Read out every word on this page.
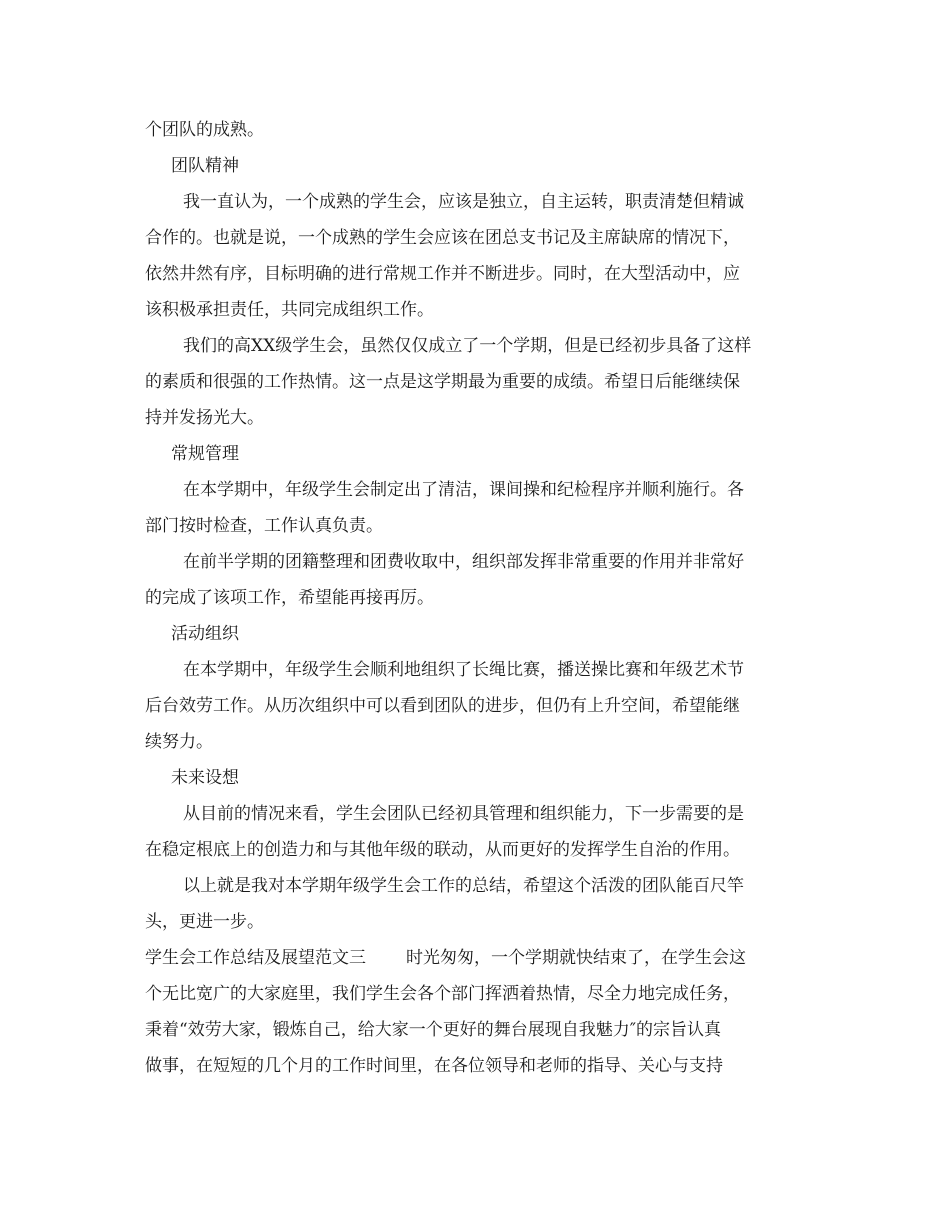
个团队的成熟。

团队精神

我一直认为，一个成熟的学生会，应该是独立，自主运转，职责清楚但精诚

合作的。也就是说，一个成熟的学生会应该在团总支书记及主席缺席的情况下，

依然井然有序，目标明确的进行常规工作并不断进步。同时，在大型活动中，应

该积极承担责任，共同完成组织工作。

我们的高XX级学生会，虽然仅仅成立了一个学期，但是已经初步具备了这样

的素质和很强的工作热情。这一点是这学期最为重要的成绩。希望日后能继续保

持并发扬光大。

常规管理

在本学期中，年级学生会制定出了清洁，课间操和纪检程序并顺利施行。各

部门按时检查，工作认真负责。

在前半学期的团籍整理和团费收取中，组织部发挥非常重要的作用并非常好

的完成了该项工作，希望能再接再厉。

活动组织

在本学期中，年级学生会顺利地组织了长绳比赛，播送操比赛和年级艺术节

后台效劳工作。从历次组织中可以看到团队的进步，但仍有上升空间，希望能继

续努力。

未来设想

从目前的情况来看，学生会团队已经初具管理和组织能力，下一步需要的是

在稳定根底上的创造力和与其他年级的联动，从而更好的发挥学生自治的作用。

以上就是我对本学期年级学生会工作的总结，希望这个活泼的团队能百尺竿

头，更进一步。

学生会工作总结及展望范文三 时光匆匆，一个学期就快结束了，在学生会这

个无比宽广的大家庭里，我们学生会各个部门挥洒着热情，尽全力地完成任务，

秉着“效劳大家，锻炼自己，给大家一个更好的舞台展现自我魅力″的宗旨认真

做事，在短短的几个月的工作时间里，在各位领导和老师的指导、关心与支持
